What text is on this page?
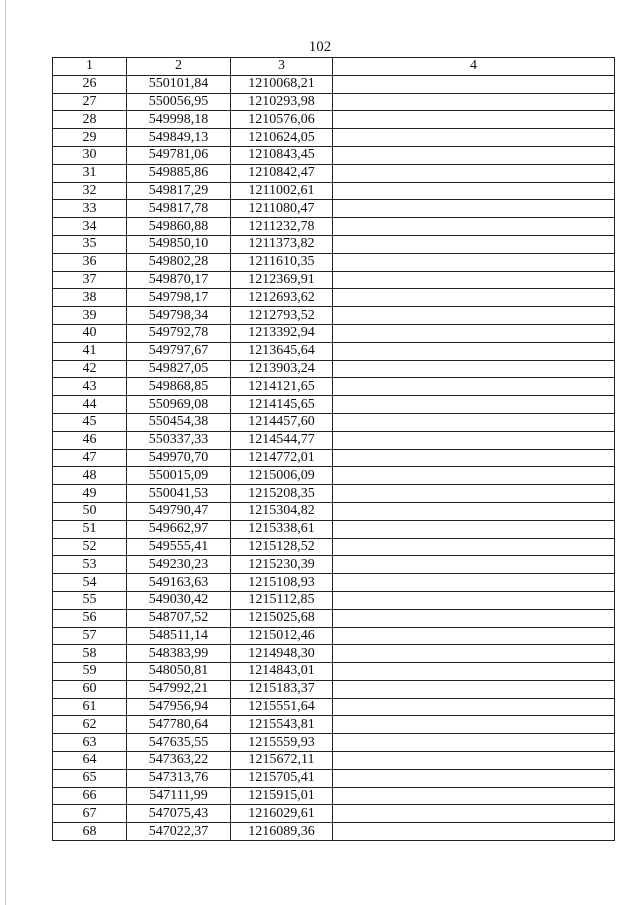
102
1	2	3	4
26	550101,84	1210068,21	
27	550056,95	1210293,98	
28	549998,18	1210576,06	
29	549849,13	1210624,05	
30	549781,06	1210843,45	
31	549885,86	1210842,47	
32	549817,29	1211002,61	
33	549817,78	1211080,47	
34	549860,88	1211232,78	
35	549850,10	1211373,82	
36	549802,28	1211610,35	
37	549870,17	1212369,91	
38	549798,17	1212693,62	
39	549798,34	1212793,52	
40	549792,78	1213392,94	
41	549797,67	1213645,64	
42	549827,05	1213903,24	
43	549868,85	1214121,65	
44	550969,08	1214145,65	
45	550454,38	1214457,60	
46	550337,33	1214544,77	
47	549970,70	1214772,01	
48	550015,09	1215006,09	
49	550041,53	1215208,35	
50	549790,47	1215304,82	
51	549662,97	1215338,61	
52	549555,41	1215128,52	
53	549230,23	1215230,39	
54	549163,63	1215108,93	
55	549030,42	1215112,85	
56	548707,52	1215025,68	
57	548511,14	1215012,46	
58	548383,99	1214948,30	
59	548050,81	1214843,01	
60	547992,21	1215183,37	
61	547956,94	1215551,64	
62	547780,64	1215543,81	
63	547635,55	1215559,93	
64	547363,22	1215672,11	
65	547313,76	1215705,41	
66	547111,99	1215915,01	
67	547075,43	1216029,61	
68	547022,37	1216089,36	
